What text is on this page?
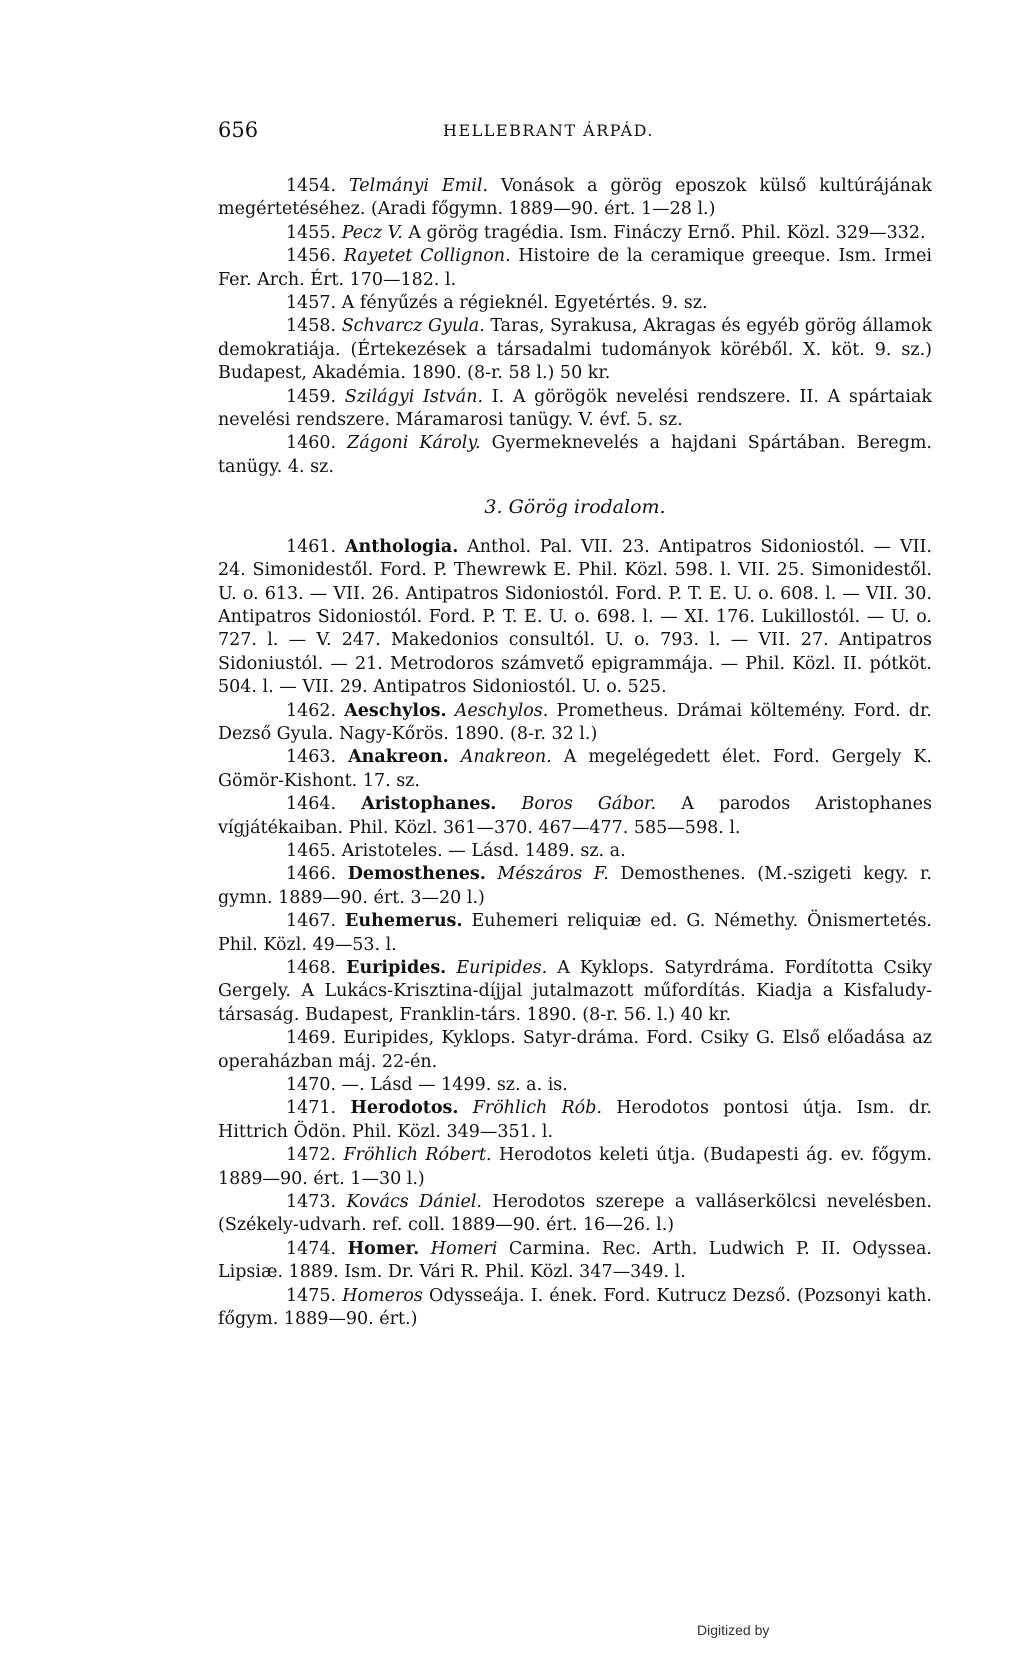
656	HELLEBRANT ÁRPÁD.

1454. Telmányi Emil. Vonások a görög eposzok külső kultúrájának megértetéséhez. (Aradi főgymn. 1889—90. ért. 1—28 l.)

1455. Pecz V. A görög tragédia. Ism. Fináczy Ernő. Phil. Közl. 329—332.

1456. Rayetet Collignon. Histoire de la ceramique greeque. Ism. Irmei Fer. Arch. Ért. 170—182. l.

1457. A fényűzés a régieknél. Egyetértés. 9. sz.

1458. Schvarcz Gyula. Taras, Syrakusa, Akragas és egyéb görög államok demokratiája. (Értekezések a társadalmi tudományok köréből. X. köt. 9. sz.) Budapest, Akadémia. 1890. (8-r. 58 l.) 50 kr.

1459. Szilágyi István. I. A görögök nevelési rendszere. II. A spártaiak nevelési rendszere. Máramarosi tanügy. V. évf. 5. sz.

1460. Zágoni Károly. Gyermeknevelés a hajdani Spártában. Beregm. tanügy. 4. sz.

3. Görög irodalom.

1461. Anthologia. Anthol. Pal. VII. 23. Antipatros Sidoniostól. — VII. 24. Simonidestől. Ford. P. Thewrewk E. Phil. Közl. 598. l. VII. 25. Simonidestől. U. o. 613. — VII. 26. Antipatros Sidoniostól. Ford. P. T. E. U. o. 608. l. — VII. 30. Antipatros Sidoniostól. Ford. P. T. E. U. o. 698. l. — XI. 176. Lukillostól. — U. o. 727. l. — V. 247. Makedonios consultól. U. o. 793. l. — VII. 27. Antipatros Sidoniustól. — 21. Metrodoros számvető epigrammája. — Phil. Közl. II. pótköt. 504. l. — VII. 29. Antipatros Sidoniostól. U. o. 525.

1462. Aeschylos. Aeschylos. Prometheus. Drámai költemény. Ford. dr. Dezső Gyula. Nagy-Kőrös. 1890. (8-r. 32 l.)

1463. Anakreon. Anakreon. A megelégedett élet. Ford. Gergely K. Gömör-Kishont. 17. sz.

1464. Aristophanes. Boros Gábor. A parodos Aristophanes vígjátékaiban. Phil. Közl. 361—370. 467—477. 585—598. l.

1465. Aristoteles. — Lásd. 1489. sz. a.

1466. Demosthenes. Mészáros F. Demosthenes. (M.-szigeti kegy. r. gymn. 1889—90. ért. 3—20 l.)

1467. Euhemerus. Euhemeri reliquiæ ed. G. Némethy. Önismertetés. Phil. Közl. 49—53. l.

1468. Euripides. Euripides. A Kyklops. Satyrdráma. Fordította Csiky Gergely. A Lukács-Krisztina-díjjal jutalmazott műfordítás. Kiadja a Kisfaludy-társaság. Budapest, Franklin-társ. 1890. (8-r. 56. l.) 40 kr.

1469. Euripides, Kyklops. Satyr-dráma. Ford. Csiky G. Első előadása az operaházban máj. 22-én.

1470. —. Lásd — 1499. sz. a. is.

1471. Herodotos. Fröhlich Rób. Herodotos pontosi útja. Ism. dr. Hittrich Ödön. Phil. Közl. 349—351. l.

1472. Fröhlich Róbert. Herodotos keleti útja. (Budapesti ág. ev. főgym. 1889—90. ért. 1—30 l.)

1473. Kovács Dániel. Herodotos szerepe a valláserkölcsi nevelésben. (Székely-udvarh. ref. coll. 1889—90. ért. 16—26. l.)

1474. Homer. Homeri Carmina. Rec. Arth. Ludwich P. II. Odyssea. Lipsiæ. 1889. Ism. Dr. Vári R. Phil. Közl. 347—349. l.

1475. Homeros Odysseája. I. ének. Ford. Kutrucz Dezső. (Pozsonyi kath. főgym. 1889—90. ért.)

Digitized by
